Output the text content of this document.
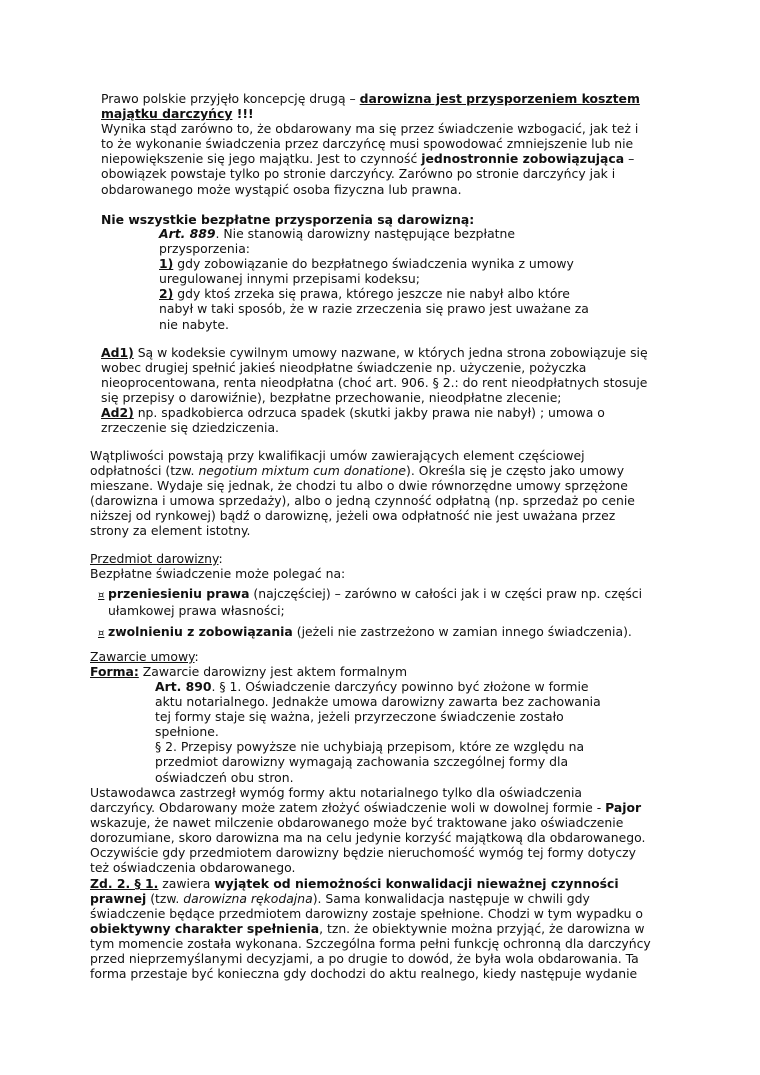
Prawo polskie przyjęło koncepcję drugą – darowizna jest przysporzeniem kosztem
majątku darczyńcy !!!
Wynika stąd zarówno to, że obdarowany ma się przez świadczenie wzbogacić, jak też i
to że wykonanie świadczenia przez darczyńcę musi spowodować zmniejszenie lub nie
niepowiększenie się jego majątku. Jest to czynność jednostronnie zobowiązująca –
obowiązek powstaje tylko po stronie darczyńcy. Zarówno po stronie darczyńcy jak i
obdarowanego może wystąpić osoba fizyczna lub prawna.
Nie wszystkie bezpłatne przysporzenia są darowizną:
Art. 889. Nie stanowią darowizny następujące bezpłatne
przysporzenia:
1) gdy zobowiązanie do bezpłatnego świadczenia wynika z umowy
uregulowanej innymi przepisami kodeksu;
2) gdy ktoś zrzeka się prawa, którego jeszcze nie nabył albo które
nabył w taki sposób, że w razie zrzeczenia się prawo jest uważane za
nie nabyte.
Ad1) Są w kodeksie cywilnym umowy nazwane, w których jedna strona zobowiązuje się
wobec drugiej spełnić jakieś nieodpłatne świadczenie np. użyczenie, pożyczka
nieoprocentowana, renta nieodpłatna (choć art. 906. § 2.: do rent nieodpłatnych stosuje
się przepisy o darowiźnie), bezpłatne przechowanie, nieodpłatne zlecenie;
Ad2) np. spadkobierca odrzuca spadek (skutki jakby prawa nie nabył) ; umowa o
zrzeczenie się dziedziczenia.
Wątpliwości powstają przy kwalifikacji umów zawierających element częściowej
odpłatności (tzw. negotium mixtum cum donatione). Określa się je często jako umowy
mieszane. Wydaje się jednak, że chodzi tu albo o dwie równorzędne umowy sprzężone
(darowizna i umowa sprzedaży), albo o jedną czynność odpłatną (np. sprzedaż po cenie
niższej od rynkowej) bądź o darowiznę, jeżeli owa odpłatność nie jest uważana przez
strony za element istotny.
Przedmiot darowizny:
Bezpłatne świadczenie może polegać na:
¤ przeniesieniu prawa (najczęściej) – zarówno w całości jak i w części praw np. części
ułamkowej prawa własności;
¤ zwolnieniu z zobowiązania (jeżeli nie zastrzeżono w zamian innego świadczenia).
Zawarcie umowy:
Forma: Zawarcie darowizny jest aktem formalnym
Art. 890. § 1. Oświadczenie darczyńcy powinno być złożone w formie
aktu notarialnego. Jednakże umowa darowizny zawarta bez zachowania
tej formy staje się ważna, jeżeli przyrzeczone świadczenie zostało
spełnione.
§ 2. Przepisy powyższe nie uchybiają przepisom, które ze względu na
przedmiot darowizny wymagają zachowania szczególnej formy dla
oświadczeń obu stron.
Ustawodawca zastrzegł wymóg formy aktu notarialnego tylko dla oświadczenia
darczyńcy. Obdarowany może zatem złożyć oświadczenie woli w dowolnej formie - Pajor
wskazuje, że nawet milczenie obdarowanego może być traktowane jako oświadczenie
dorozumiane, skoro darowizna ma na celu jedynie korzyść majątkową dla obdarowanego.
Oczywiście gdy przedmiotem darowizny będzie nieruchomość wymóg tej formy dotyczy
też oświadczenia obdarowanego.
Zd. 2. § 1. zawiera wyjątek od niemożności konwalidacji nieważnej czynności
prawnej (tzw. darowizna rękodajna). Sama konwalidacja następuje w chwili gdy
świadczenie będące przedmiotem darowizny zostaje spełnione. Chodzi w tym wypadku o
obiektywny charakter spełnienia, tzn. że obiektywnie można przyjąć, że darowizna w
tym momencie została wykonana. Szczególna forma pełni funkcję ochronną dla darczyńcy
przed nieprzemyślanymi decyzjami, a po drugie to dowód, że była wola obdarowania. Ta
forma przestaje być konieczna gdy dochodzi do aktu realnego, kiedy następuje wydanie
